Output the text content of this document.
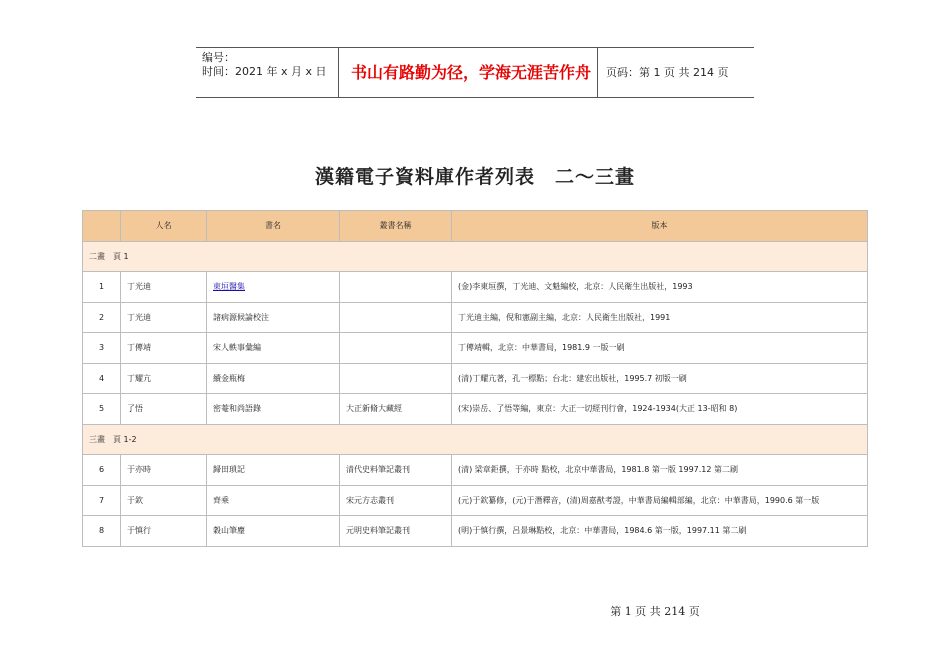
编号：
时间：2021 年 x 月 x 日	书山有路勤为径，学海无涯苦作舟	页码：第 1 页 共 214 页
漢籍電子資料庫作者列表　二～三畫
	人名	書名	叢書名稱	版本
二畫　頁 1				
1	丁光迪	東垣醫集		(金)李東垣撰，丁光迪、文魁編校，北京：人民衛生出版社，1993
2	丁光迪	諸病源候論校注		丁光迪主編，倪和憲副主編，北京：人民衛生出版社，1991
3	丁傳靖	宋人軼事彙編		丁傳靖輯，北京：中華書局，1981.9 一版一刷
4	丁耀亢	續金瓶梅		(清)丁耀亢著，孔一標點；台北：建宏出版社，1995.7 初版一刷
5	了悟	密菴和尚語錄	大正新脩大藏經	(宋)崇岳、了悟等編，東京：大正一切經刊行會，1924-1934(大正 13-昭和 8)
三畫　頁 1-2				
6	于亦時	歸田瑣記	清代史料筆記叢刊	(清) 梁章鉅撰，于亦時 點校，北京中華書局，1981.8 第一版 1997.12 第二刷
7	于欽	齊乘	宋元方志叢刊	(元)于欽纂修，(元)于潛釋音，(清)周嘉猷考證，中華書局編輯部編，北京：中華書局，1990.6 第一版
8	于慎行	穀山筆麈	元明史料筆記叢刊	(明)于慎行撰，呂景琳點校，北京：中華書局，1984.6 第一版，1997.11 第二刷
第 1 页 共 214 页
